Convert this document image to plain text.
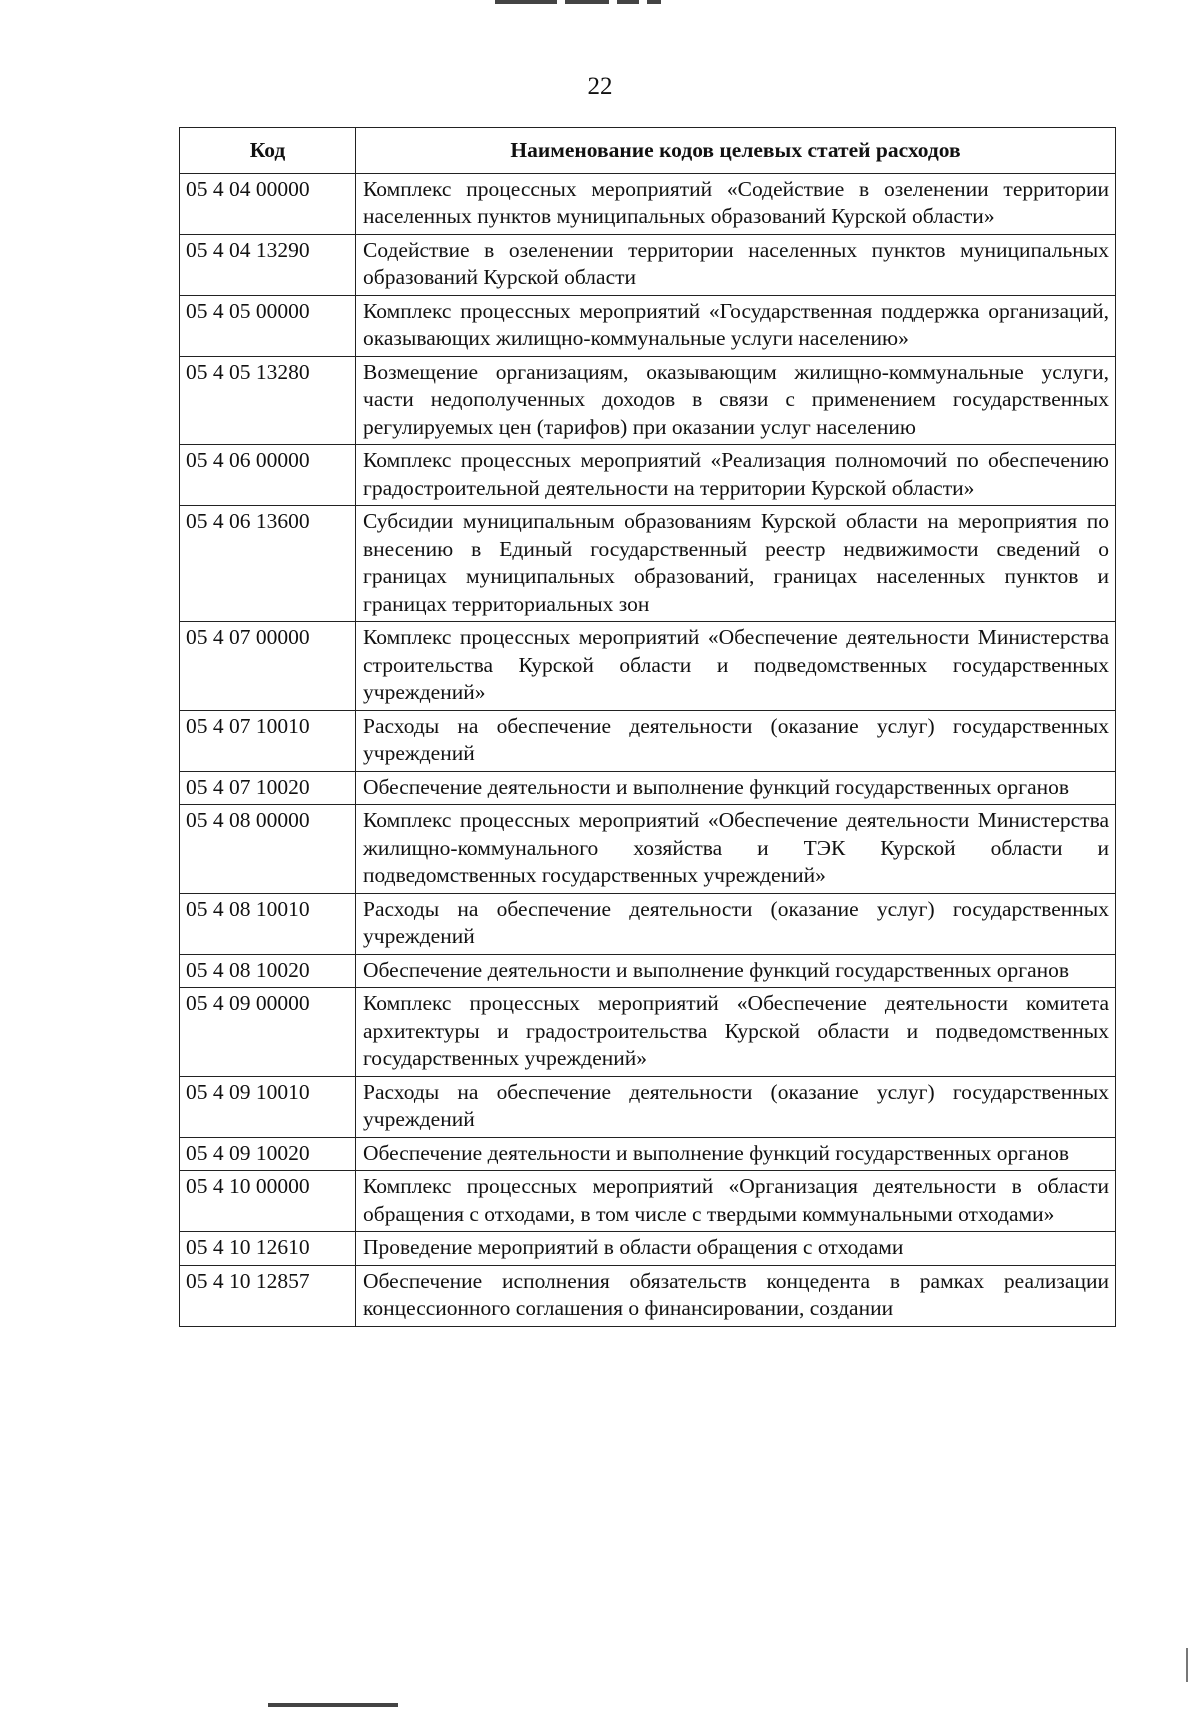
22
Код	Наименование кодов целевых статей расходов
05 4 04 00000	Комплекс процессных мероприятий «Содействие в озеленении территории населенных пунктов муниципальных образований Курской области»
05 4 04 13290	Содействие в озеленении территории населенных пунктов муниципальных образований Курской области
05 4 05 00000	Комплекс процессных мероприятий «Государственная поддержка организаций, оказывающих жилищно-коммунальные услуги населению»
05 4 05 13280	Возмещение организациям, оказывающим жилищно-коммунальные услуги, части недополученных доходов в связи с применением государственных регулируемых цен (тарифов) при оказании услуг населению
05 4 06 00000	Комплекс процессных мероприятий «Реализация полномочий по обеспечению градостроительной деятельности на территории Курской области»
05 4 06 13600	Субсидии муниципальным образованиям Курской области на мероприятия по внесению в Единый государственный реестр недвижимости сведений о границах муниципальных образований, границах населенных пунктов и границах территориальных зон
05 4 07 00000	Комплекс процессных мероприятий «Обеспечение деятельности Министерства строительства Курской области и подведомственных государственных учреждений»
05 4 07 10010	Расходы на обеспечение деятельности (оказание услуг) государственных учреждений
05 4 07 10020	Обеспечение деятельности и выполнение функций государственных органов
05 4 08 00000	Комплекс процессных мероприятий «Обеспечение деятельности Министерства жилищно-коммунального хозяйства и ТЭК Курской области и подведомственных государственных учреждений»
05 4 08 10010	Расходы на обеспечение деятельности (оказание услуг) государственных учреждений
05 4 08 10020	Обеспечение деятельности и выполнение функций государственных органов
05 4 09 00000	Комплекс процессных мероприятий «Обеспечение деятельности комитета архитектуры и градостроительства Курской области и подведомственных государственных учреждений»
05 4 09 10010	Расходы на обеспечение деятельности (оказание услуг) государственных учреждений
05 4 09 10020	Обеспечение деятельности и выполнение функций государственных органов
05 4 10 00000	Комплекс процессных мероприятий «Организация деятельности в области обращения с отходами, в том числе с твердыми коммунальными отходами»
05 4 10 12610	Проведение мероприятий в области обращения с отходами
05 4 10 12857	Обеспечение исполнения обязательств концедента в рамках реализации концессионного соглашения о финансировании, создании
